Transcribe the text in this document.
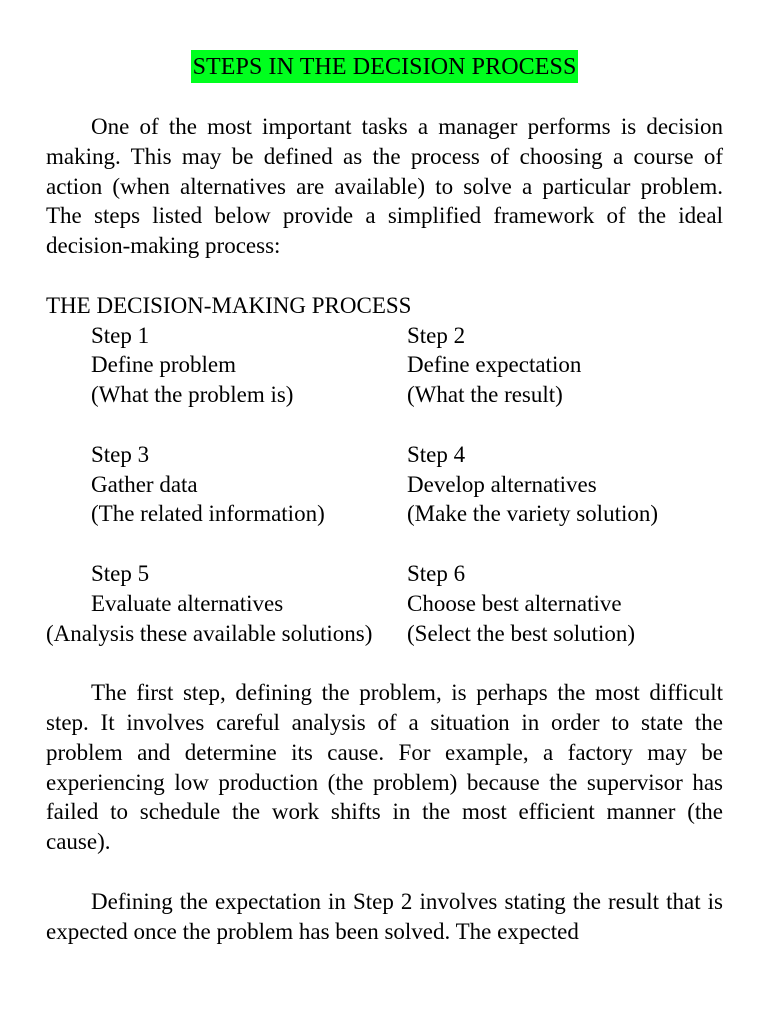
STEPS IN THE DECISION PROCESS

One of the most important tasks a manager performs is decision making. This may be defined as the process of choosing a course of action (when alternatives are available) to solve a particular problem. The steps listed below provide a simplified framework of the ideal decision-making process:

THE DECISION-MAKING PROCESS

Step 1	Step 2
Define problem	Define expectation
(What the problem is)	(What the result)
Step 3	Step 4
Gather data	Develop alternatives
(The related information)	(Make the variety solution)
Step 5	Step 6
Evaluate alternatives	Choose best alternative
(Analysis these available solutions)	(Select the best solution)

The first step, defining the problem, is perhaps the most difficult step. It involves careful analysis of a situation in order to state the problem and determine its cause. For example, a factory may be experiencing low production (the problem) because the supervisor has failed to schedule the work shifts in the most efficient manner (the cause).

Defining the expectation in Step 2 involves stating the result that is expected once the problem has been solved. The expected
